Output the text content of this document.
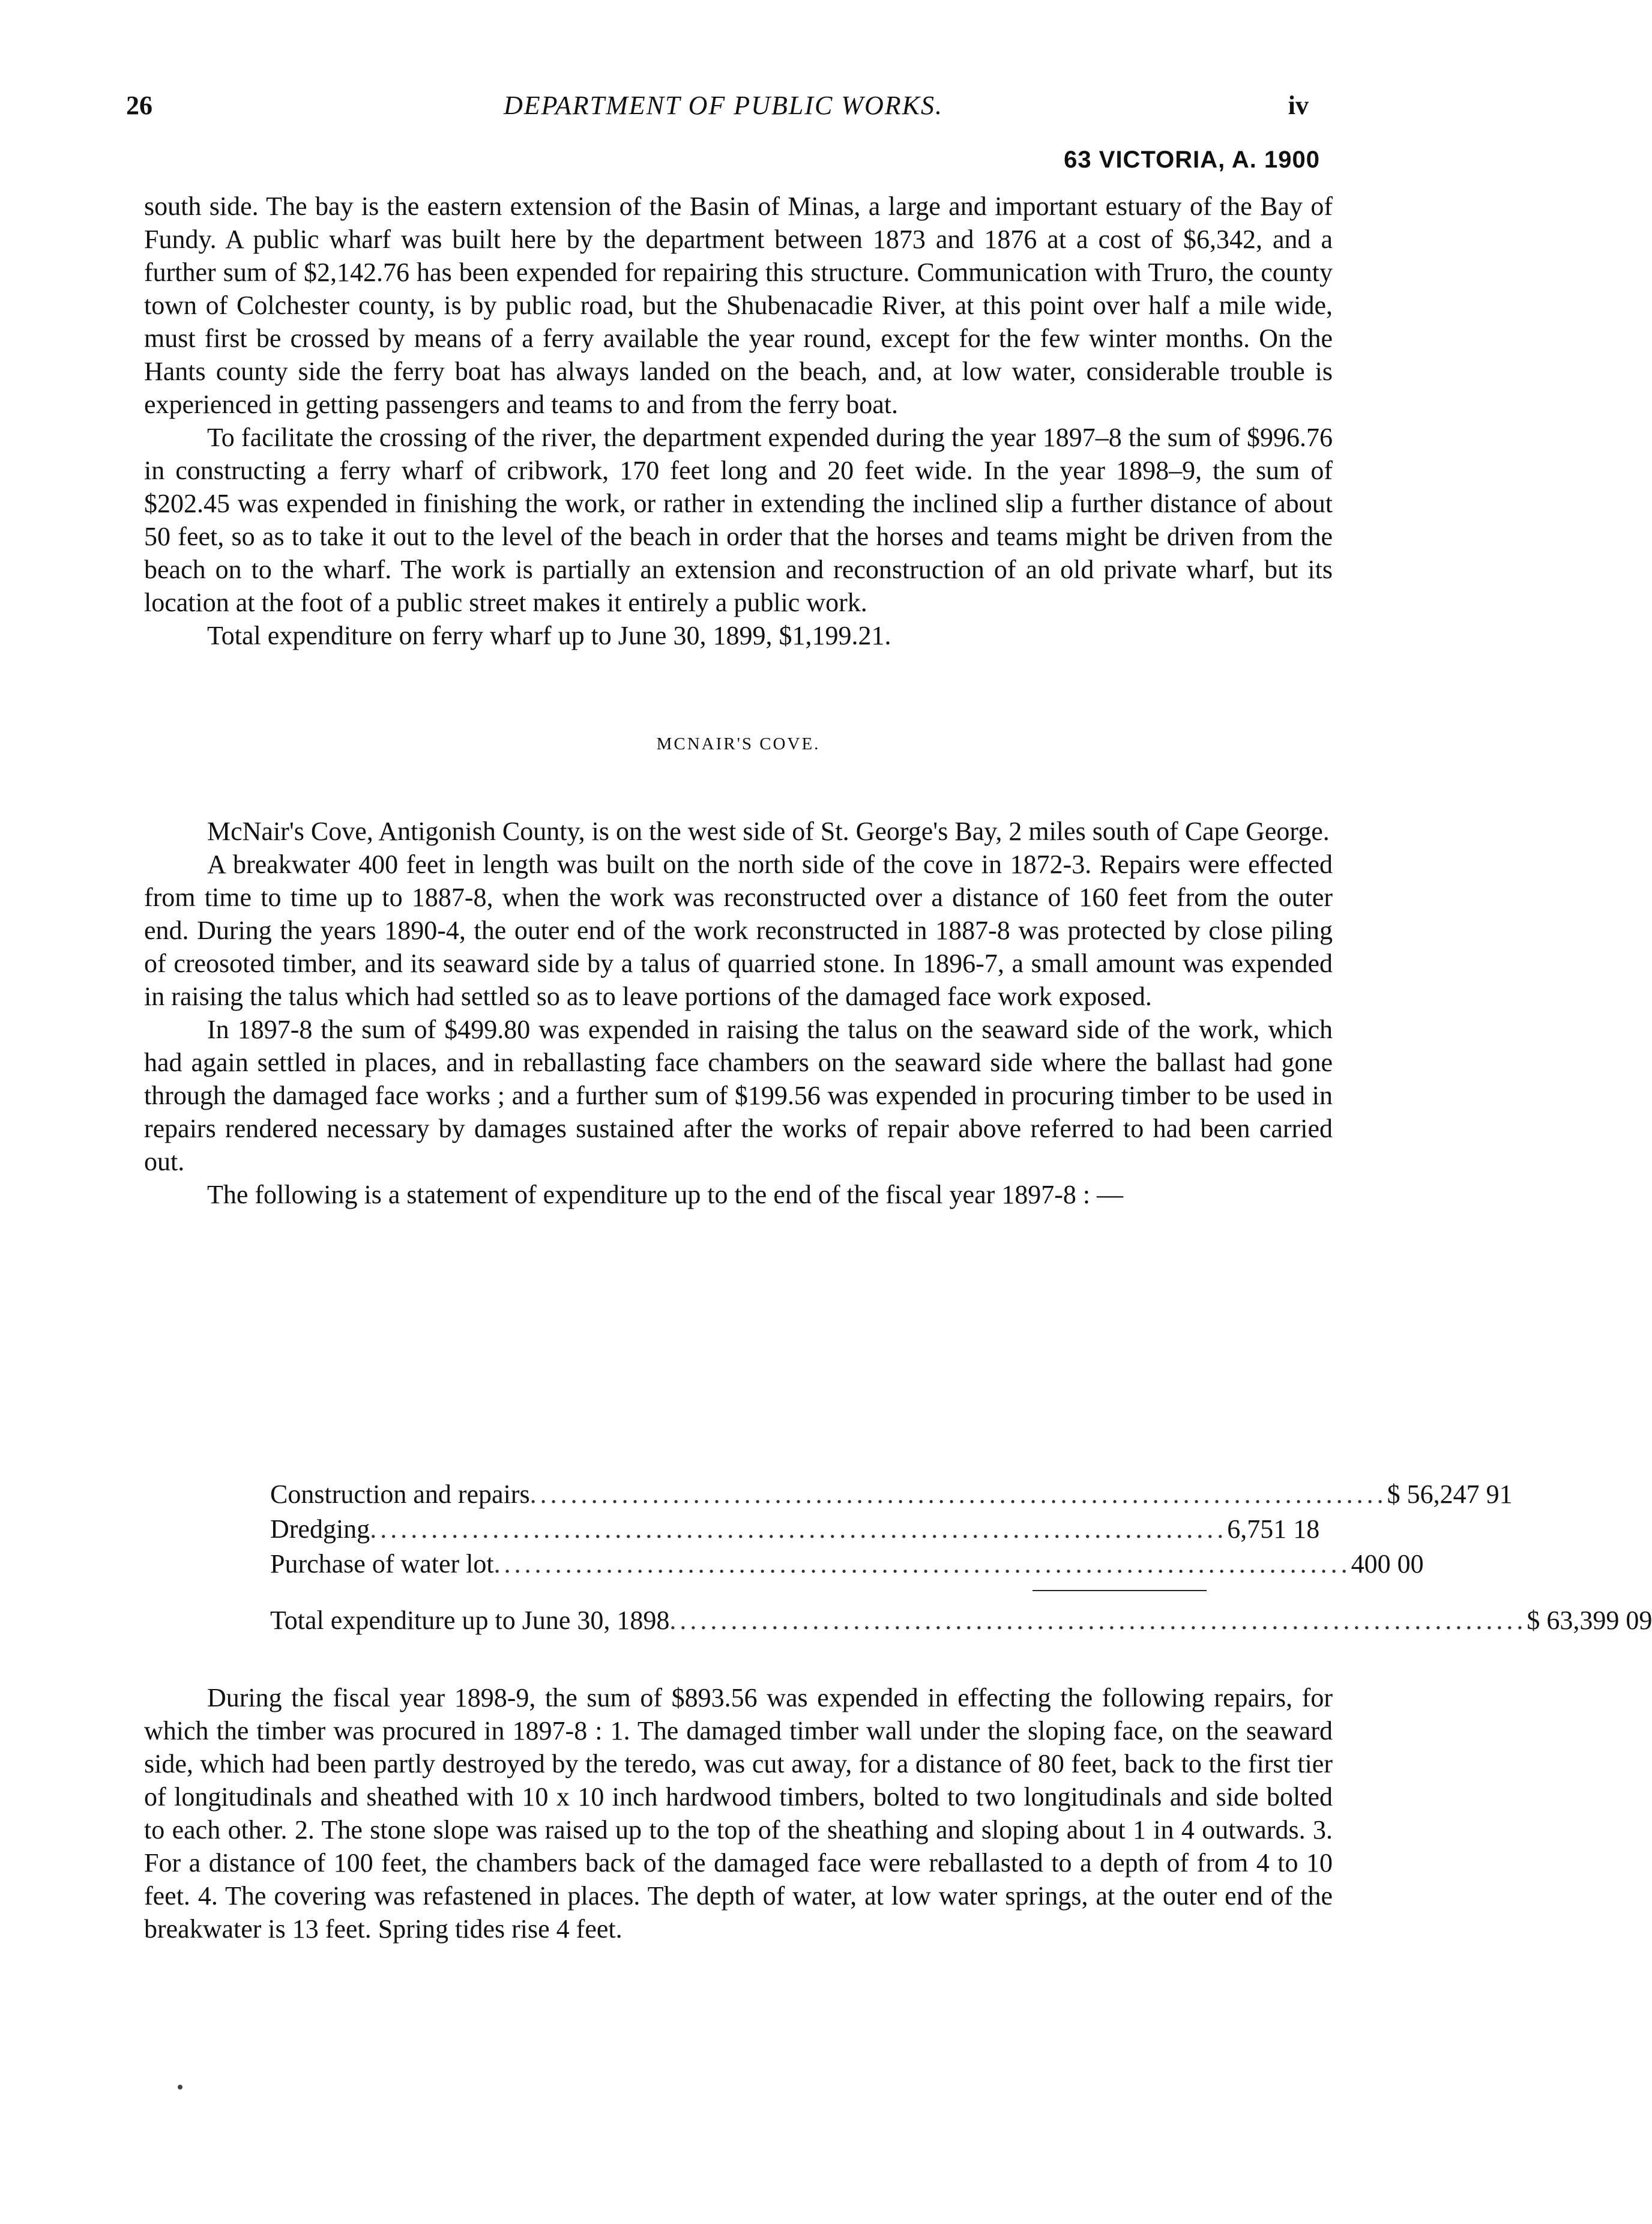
26	DEPARTMENT OF PUBLIC WORKS.	iv
63 VICTORIA, A. 1900

south side. The bay is the eastern extension of the Basin of Minas, a large and important estuary of the Bay of Fundy. A public wharf was built here by the department between 1873 and 1876 at a cost of $6,342, and a further sum of $2,142.76 has been expended for repairing this structure. Communication with Truro, the county town of Colchester county, is by public road, but the Shubenacadie River, at this point over half a mile wide, must first be crossed by means of a ferry available the year round, except for the few winter months. On the Hants county side the ferry boat has always landed on the beach, and, at low water, considerable trouble is experienced in getting passengers and teams to and from the ferry boat.

To facilitate the crossing of the river, the department expended during the year 1897–8 the sum of $996.76 in constructing a ferry wharf of cribwork, 170 feet long and 20 feet wide. In the year 1898–9, the sum of $202.45 was expended in finishing the work, or rather in extending the inclined slip a further distance of about 50 feet, so as to take it out to the level of the beach in order that the horses and teams might be driven from the beach on to the wharf. The work is partially an extension and reconstruction of an old private wharf, but its location at the foot of a public street makes it entirely a public work.

Total expenditure on ferry wharf up to June 30, 1899, $1,199.21.

MCNAIR'S COVE.

McNair's Cove, Antigonish County, is on the west side of St. George's Bay, 2 miles south of Cape George.

A breakwater 400 feet in length was built on the north side of the cove in 1872-3. Repairs were effected from time to time up to 1887-8, when the work was reconstructed over a distance of 160 feet from the outer end. During the years 1890-4, the outer end of the work reconstructed in 1887-8 was protected by close piling of creosoted timber, and its seaward side by a talus of quarried stone. In 1896-7, a small amount was expended in raising the talus which had settled so as to leave portions of the damaged face work exposed.

In 1897-8 the sum of $499.80 was expended in raising the talus on the seaward side of the work, which had again settled in places, and in reballasting face chambers on the seaward side where the ballast had gone through the damaged face works ; and a further sum of $199.56 was expended in procuring timber to be used in repairs rendered necessary by damages sustained after the works of repair above referred to had been carried out.

The following is a statement of expenditure up to the end of the fiscal year 1897-8 : —

Construction and repairs .................................................................................... $ 56,247 91
Dredging .................................................................................... 6,751 18
Purchase of water lot .................................................................................... 400 00
Total expenditure up to June 30, 1898 .................................................................................... $ 63,399 09

During the fiscal year 1898-9, the sum of $893.56 was expended in effecting the following repairs, for which the timber was procured in 1897-8 : 1. The damaged timber wall under the sloping face, on the seaward side, which had been partly destroyed by the teredo, was cut away, for a distance of 80 feet, back to the first tier of longitudinals and sheathed with 10 x 10 inch hardwood timbers, bolted to two longitudinals and side bolted to each other. 2. The stone slope was raised up to the top of the sheathing and sloping about 1 in 4 outwards. 3. For a distance of 100 feet, the chambers back of the damaged face were reballasted to a depth of from 4 to 10 feet. 4. The covering was refastened in places. The depth of water, at low water springs, at the outer end of the breakwater is 13 feet. Spring tides rise 4 feet.
